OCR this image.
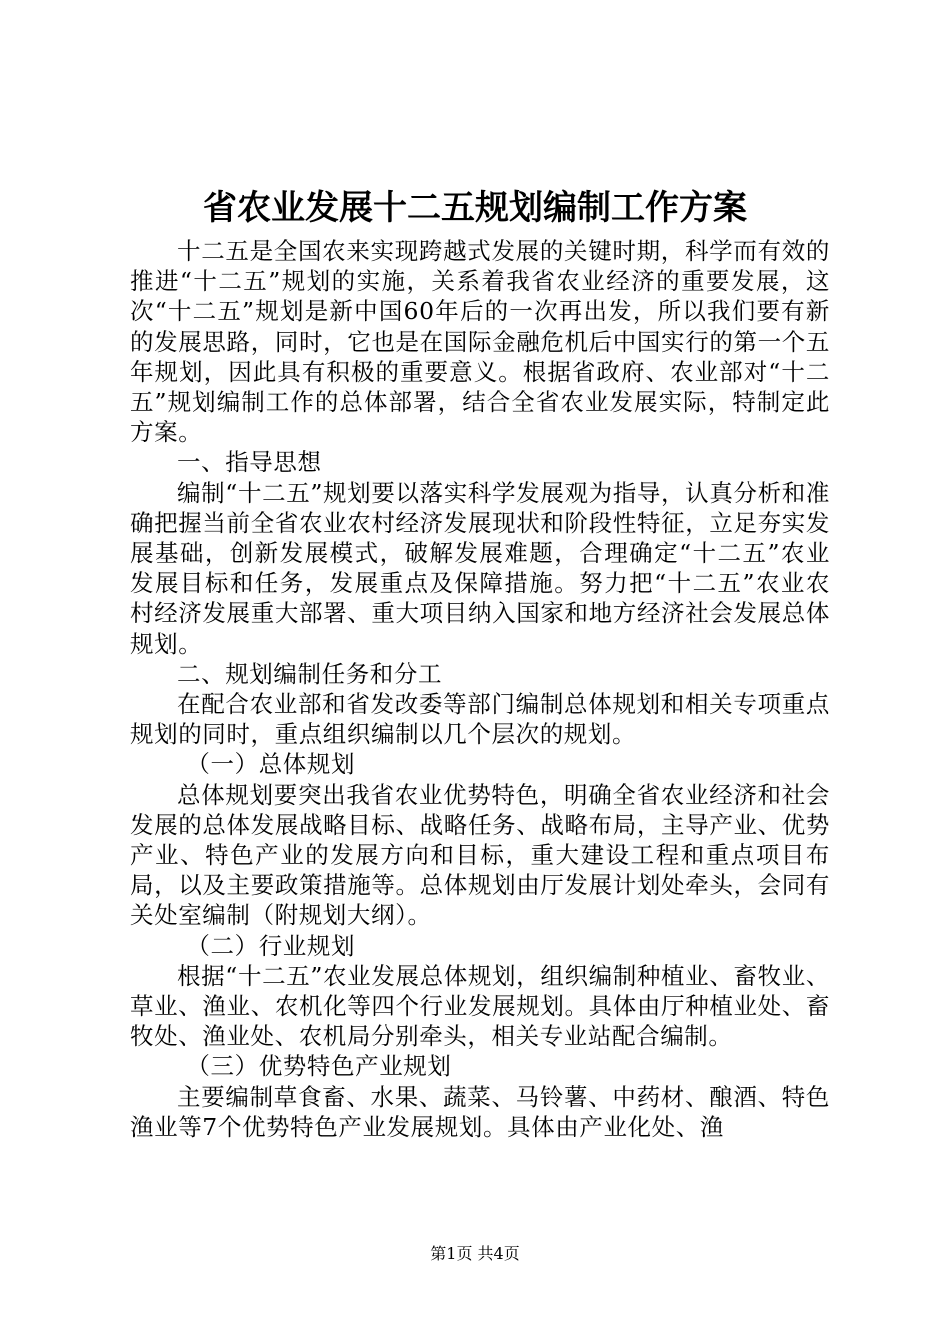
省农业发展十二五规划编制工作方案

十二五是全国农来实现跨越式发展的关键时期，科学而有效的推进“十二五”规划的实施，关系着我省农业经济的重要发展，这次“十二五”规划是新中国60年后的一次再出发，所以我们要有新的发展思路，同时，它也是在国际金融危机后中国实行的第一个五年规划，因此具有积极的重要意义。根据省政府、农业部对“十二五”规划编制工作的总体部署，结合全省农业发展实际，特制定此方案。

一、指导思想

编制“十二五”规划要以落实科学发展观为指导，认真分析和准确把握当前全省农业农村经济发展现状和阶段性特征，立足夯实发展基础，创新发展模式，破解发展难题，合理确定“十二五”农业发展目标和任务，发展重点及保障措施。努力把“十二五”农业农村经济发展重大部署、重大项目纳入国家和地方经济社会发展总体规划。

二、规划编制任务和分工

在配合农业部和省发改委等部门编制总体规划和相关专项重点规划的同时，重点组织编制以几个层次的规划。

（一）总体规划

总体规划要突出我省农业优势特色，明确全省农业经济和社会发展的总体发展战略目标、战略任务、战略布局，主导产业、优势产业、特色产业的发展方向和目标，重大建设工程和重点项目布局，以及主要政策措施等。总体规划由厅发展计划处牵头，会同有关处室编制（附规划大纲）。

（二）行业规划

根据“十二五”农业发展总体规划，组织编制种植业、畜牧业、草业、渔业、农机化等四个行业发展规划。具体由厅种植业处、畜牧处、渔业处、农机局分别牵头，相关专业站配合编制。

（三）优势特色产业规划

主要编制草食畜、水果、蔬菜、马铃薯、中药材、酿酒、特色渔业等7个优势特色产业发展规划。具体由产业化处、渔

第1页 共4页
